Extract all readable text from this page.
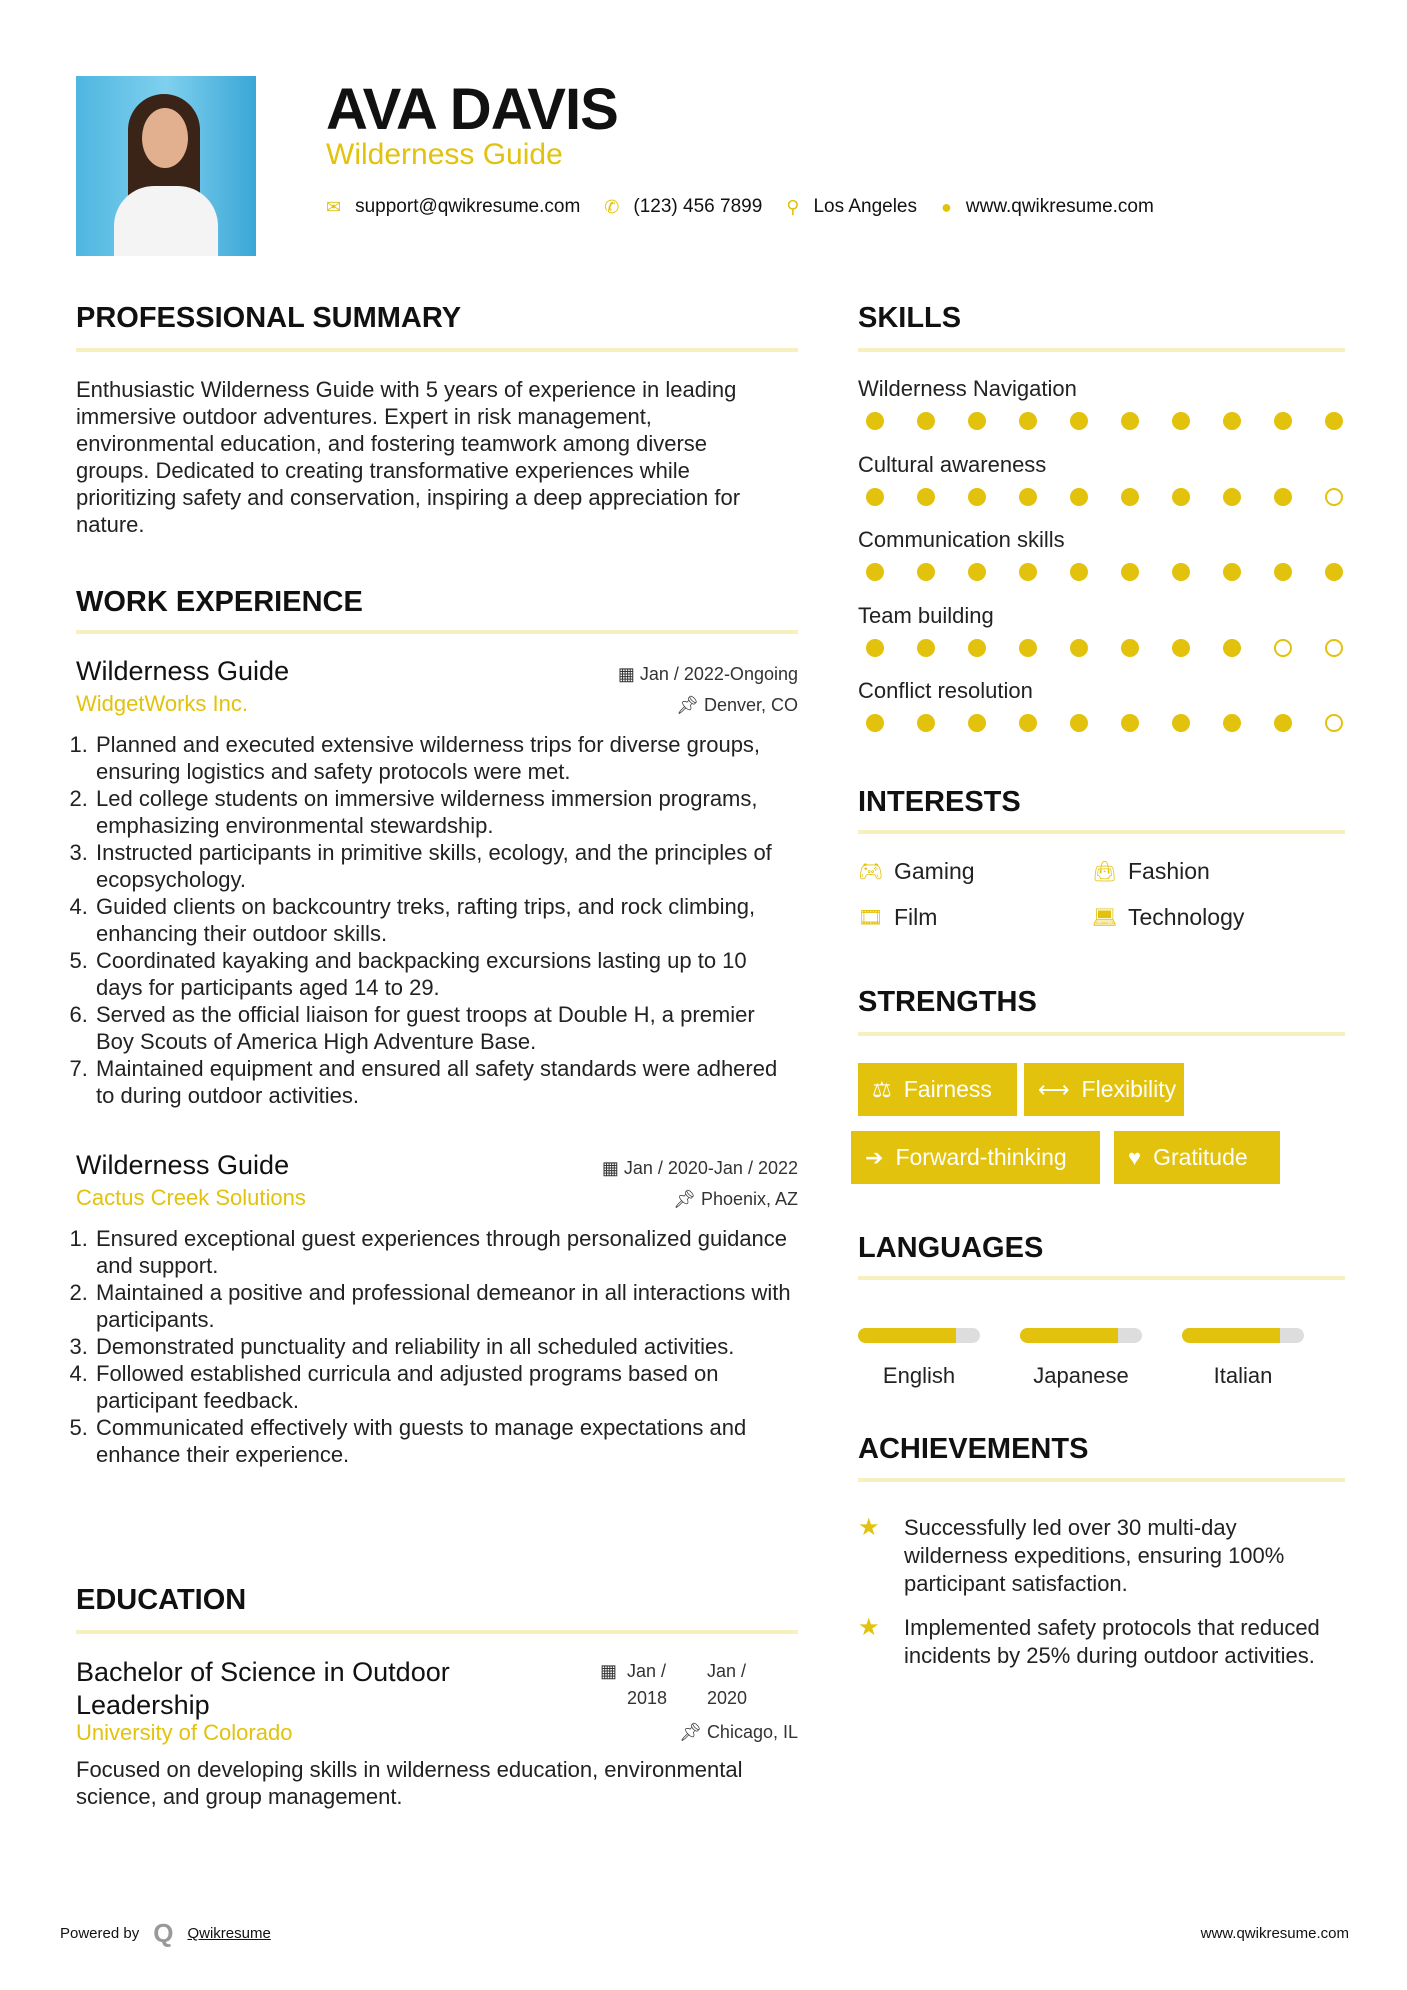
AVA DAVIS
Wilderness Guide
✉ support@qwikresume.com ✆ (123) 456 7899 ⚲ Los Angeles ● www.qwikresume.com
PROFESSIONAL SUMMARY
Enthusiastic Wilderness Guide with 5 years of experience in leading immersive outdoor adventures. Expert in risk management, environmental education, and fostering teamwork among diverse groups. Dedicated to creating transformative experiences while prioritizing safety and conservation, inspiring a deep appreciation for nature.
WORK EXPERIENCE
Wilderness Guide	▦ Jan / 2022-Ongoing
WidgetWorks Inc.	📌︎ Denver, CO
1. Planned and executed extensive wilderness trips for diverse groups, ensuring logistics and safety protocols were met.
2. Led college students on immersive wilderness immersion programs, emphasizing environmental stewardship.
3. Instructed participants in primitive skills, ecology, and the principles of ecopsychology.
4. Guided clients on backcountry treks, rafting trips, and rock climbing, enhancing their outdoor skills.
5. Coordinated kayaking and backpacking excursions lasting up to 10 days for participants aged 14 to 29.
6. Served as the official liaison for guest troops at Double H, a premier Boy Scouts of America High Adventure Base.
7. Maintained equipment and ensured all safety standards were adhered to during outdoor activities.
Wilderness Guide	▦ Jan / 2020-Jan / 2022
Cactus Creek Solutions	📌︎ Phoenix, AZ
1. Ensured exceptional guest experiences through personalized guidance and support.
2. Maintained a positive and professional demeanor in all interactions with participants.
3. Demonstrated punctuality and reliability in all scheduled activities.
4. Followed established curricula and adjusted programs based on participant feedback.
5. Communicated effectively with guests to manage expectations and enhance their experience.
EDUCATION
Bachelor of Science in Outdoor Leadership
▦ Jan / 2018
Jan / 2020
University of Colorado	📌︎ Chicago, IL
Focused on developing skills in wilderness education, environmental science, and group management.
SKILLS
Wilderness Navigation
Cultural awareness
Communication skills
Team building
Conflict resolution
INTERESTS
🎮︎ Gaming	👜︎ Fashion
🎞︎ Film	💻︎ Technology
STRENGTHS
⚖ Fairness ⟷ Flexibility
➔ Forward-thinking	♥ Gratitude
LANGUAGES
English	Japanese	Italian
ACHIEVEMENTS
★	Successfully led over 30 multi-day wilderness expeditions, ensuring 100% participant satisfaction.
★	Implemented safety protocols that reduced incidents by 25% during outdoor activities.
Powered by Q Qwikresume	www.qwikresume.com
